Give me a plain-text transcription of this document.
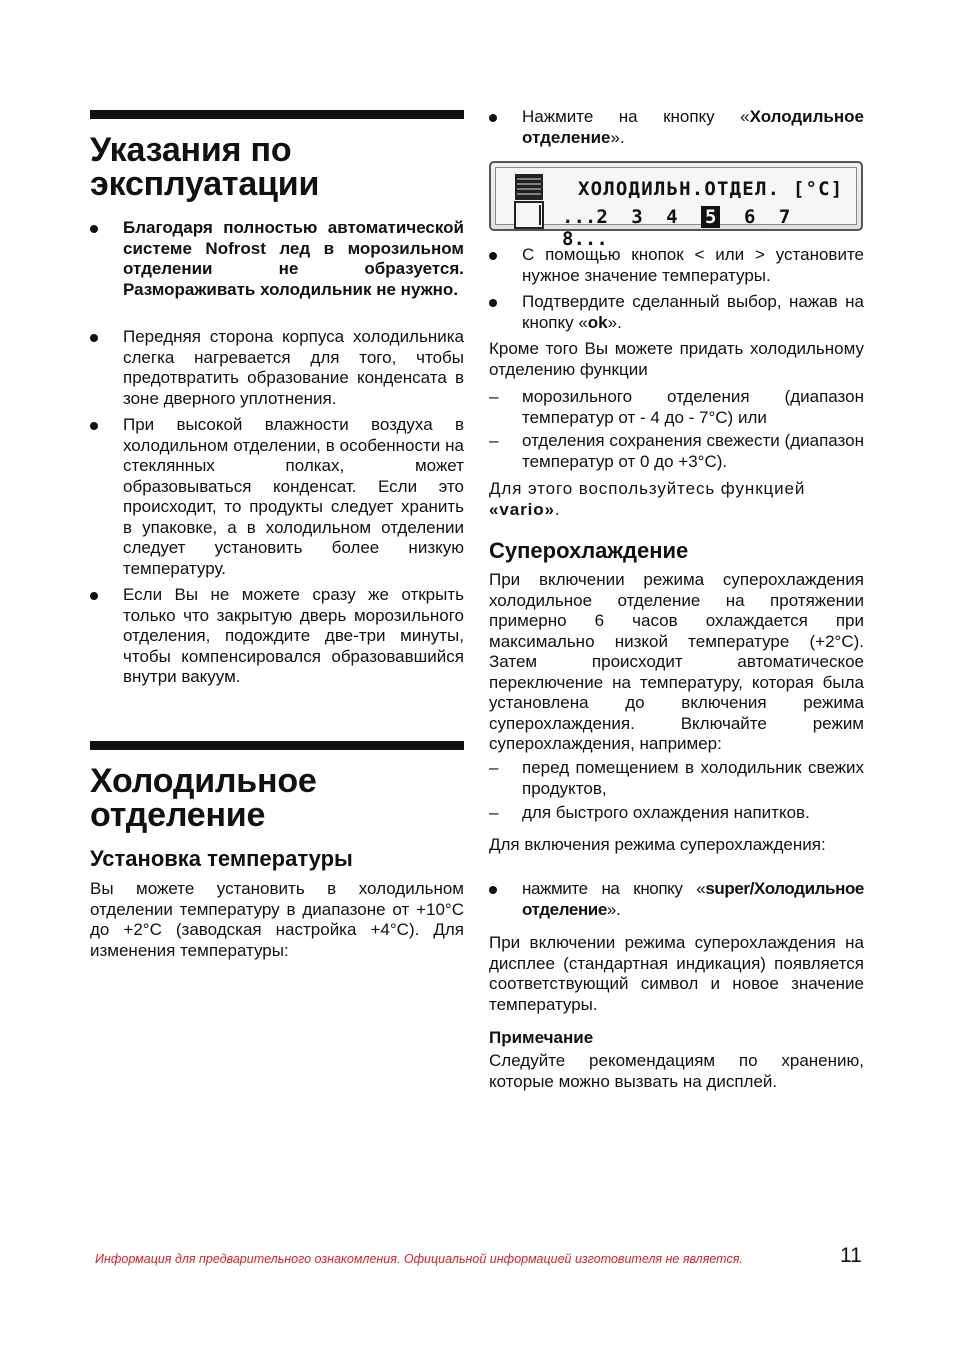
Указания по
эксплуатации
Благодаря полностью автоматической системе Nofrost лед в морозильном отделении не образуется. Размораживать холодильник не нужно.
Передняя сторона корпуса холодильника слегка нагревается для того, чтобы предотвратить образование конденсата в зоне дверного уплотнения.
При высокой влажности воздуха в холодильном отделении, в особенности на стеклянных полках, может образовываться конденсат. Если это происходит, то продукты следует хранить в упаковке, а в холодильном отделении следует установить более низкую температуру.
Если Вы не можете сразу же открыть только что закрытую дверь морозильного отделения, подождите две-три минуты, чтобы компенсировался образовавшийся внутри вакуум.
Холодильное
отделение
Установка температуры

Вы можете установить в холодильном отделении температуру в диапазоне от +10°C до +2°C (заводская настройка +4°C). Для изменения температуры:

Нажмите на кнопку «Холодильное отделение».
ХОЛОДИЛЬН.ОТДЕЛ. [°C]
...2 3 4 5 6 7 8...
С помощью кнопок < или > установите нужное значение температуры.
Подтвердите сделанный выбор, нажав на кнопку «ok».

Кроме того Вы можете придать холодильному отделению функции

–	морозильного отделения (диапазон температур от - 4 до - 7°C) или
–	отделения сохранения свежести (диапазон температур от 0 до +3°C).

Для этого воспользуйтесь функцией
«vario».

Суперохлаждение

При включении режима суперохлаждения холодильное отделение на протяжении примерно 6 часов охлаждается при максимально низкой температуре (+2°C). Затем происходит автоматическое переключение на температуру, которая была установлена до включения режима суперохлаждения. Включайте режим суперохлаждения, например:

–	перед помещением в холодильник свежих продуктов,
–	для быстрого охлаждения напитков.

Для включения режима суперохлаждения:

нажмите на кнопку «super/Холодильное отделение».

При включении режима суперохлаждения на дисплее (стандартная индикация) появляется соответствующий символ и новое значение температуры.

Примечание

Следуйте рекомендациям по хранению, которые можно вызвать на дисплей.

Информация для предварительного ознакомления. Официальной информацией изготовителя не является.	11
